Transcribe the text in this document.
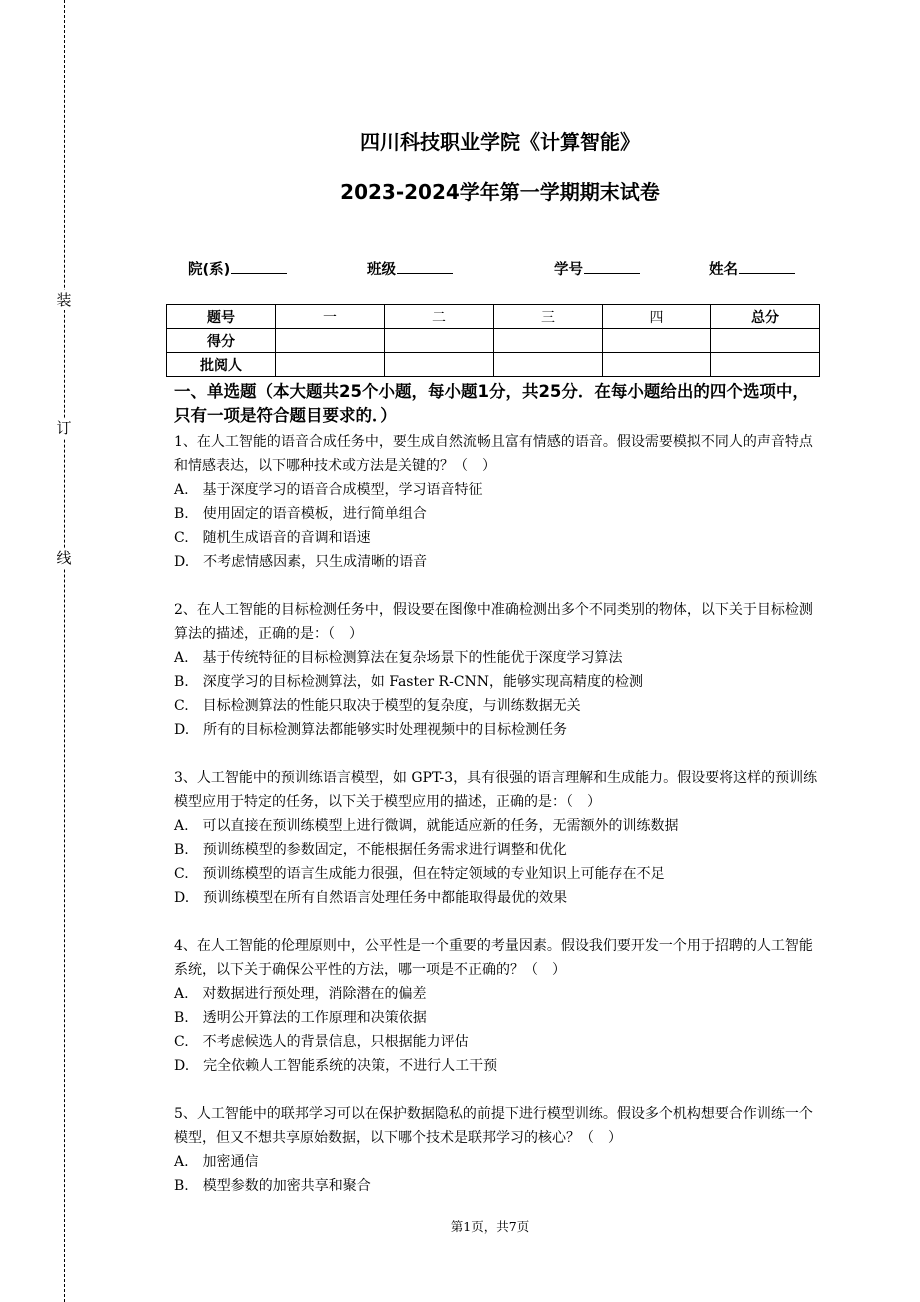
装
订
线
四川科技职业学院《计算智能》
2023-2024学年第一学期期末试卷
院(系)	班级	学号	姓名
题号	一	二	三	四	总分
得分					
批阅人					

一、单选题（本大题共25个小题，每小题1分，共25分．在每小题给出的四个选项中，只有一项是符合题目要求的．）

1、在人工智能的语音合成任务中，要生成自然流畅且富有情感的语音。假设需要模拟不同人的声音特点和情感表达，以下哪种技术或方法是关键的？（　）

A.　基于深度学习的语音合成模型，学习语音特征

B.　使用固定的语音模板，进行简单组合

C.　随机生成语音的音调和语速

D.　不考虑情感因素，只生成清晰的语音

2、在人工智能的目标检测任务中，假设要在图像中准确检测出多个不同类别的物体，以下关于目标检测算法的描述，正确的是：（　）

A.　基于传统特征的目标检测算法在复杂场景下的性能优于深度学习算法

B.　深度学习的目标检测算法，如 Faster R-CNN，能够实现高精度的检测

C.　目标检测算法的性能只取决于模型的复杂度，与训练数据无关

D.　所有的目标检测算法都能够实时处理视频中的目标检测任务

3、人工智能中的预训练语言模型，如 GPT-3，具有很强的语言理解和生成能力。假设要将这样的预训练模型应用于特定的任务，以下关于模型应用的描述，正确的是：（　）

A.　可以直接在预训练模型上进行微调，就能适应新的任务，无需额外的训练数据

B.　预训练模型的参数固定，不能根据任务需求进行调整和优化

C.　预训练模型的语言生成能力很强，但在特定领域的专业知识上可能存在不足

D.　预训练模型在所有自然语言处理任务中都能取得最优的效果

4、在人工智能的伦理原则中，公平性是一个重要的考量因素。假设我们要开发一个用于招聘的人工智能系统，以下关于确保公平性的方法，哪一项是不正确的？（　）

A.　对数据进行预处理，消除潜在的偏差

B.　透明公开算法的工作原理和决策依据

C.　不考虑候选人的背景信息，只根据能力评估

D.　完全依赖人工智能系统的决策，不进行人工干预

5、人工智能中的联邦学习可以在保护数据隐私的前提下进行模型训练。假设多个机构想要合作训练一个模型，但又不想共享原始数据，以下哪个技术是联邦学习的核心？（　）

A.　加密通信

B.　模型参数的加密共享和聚合

第1页，共7页
